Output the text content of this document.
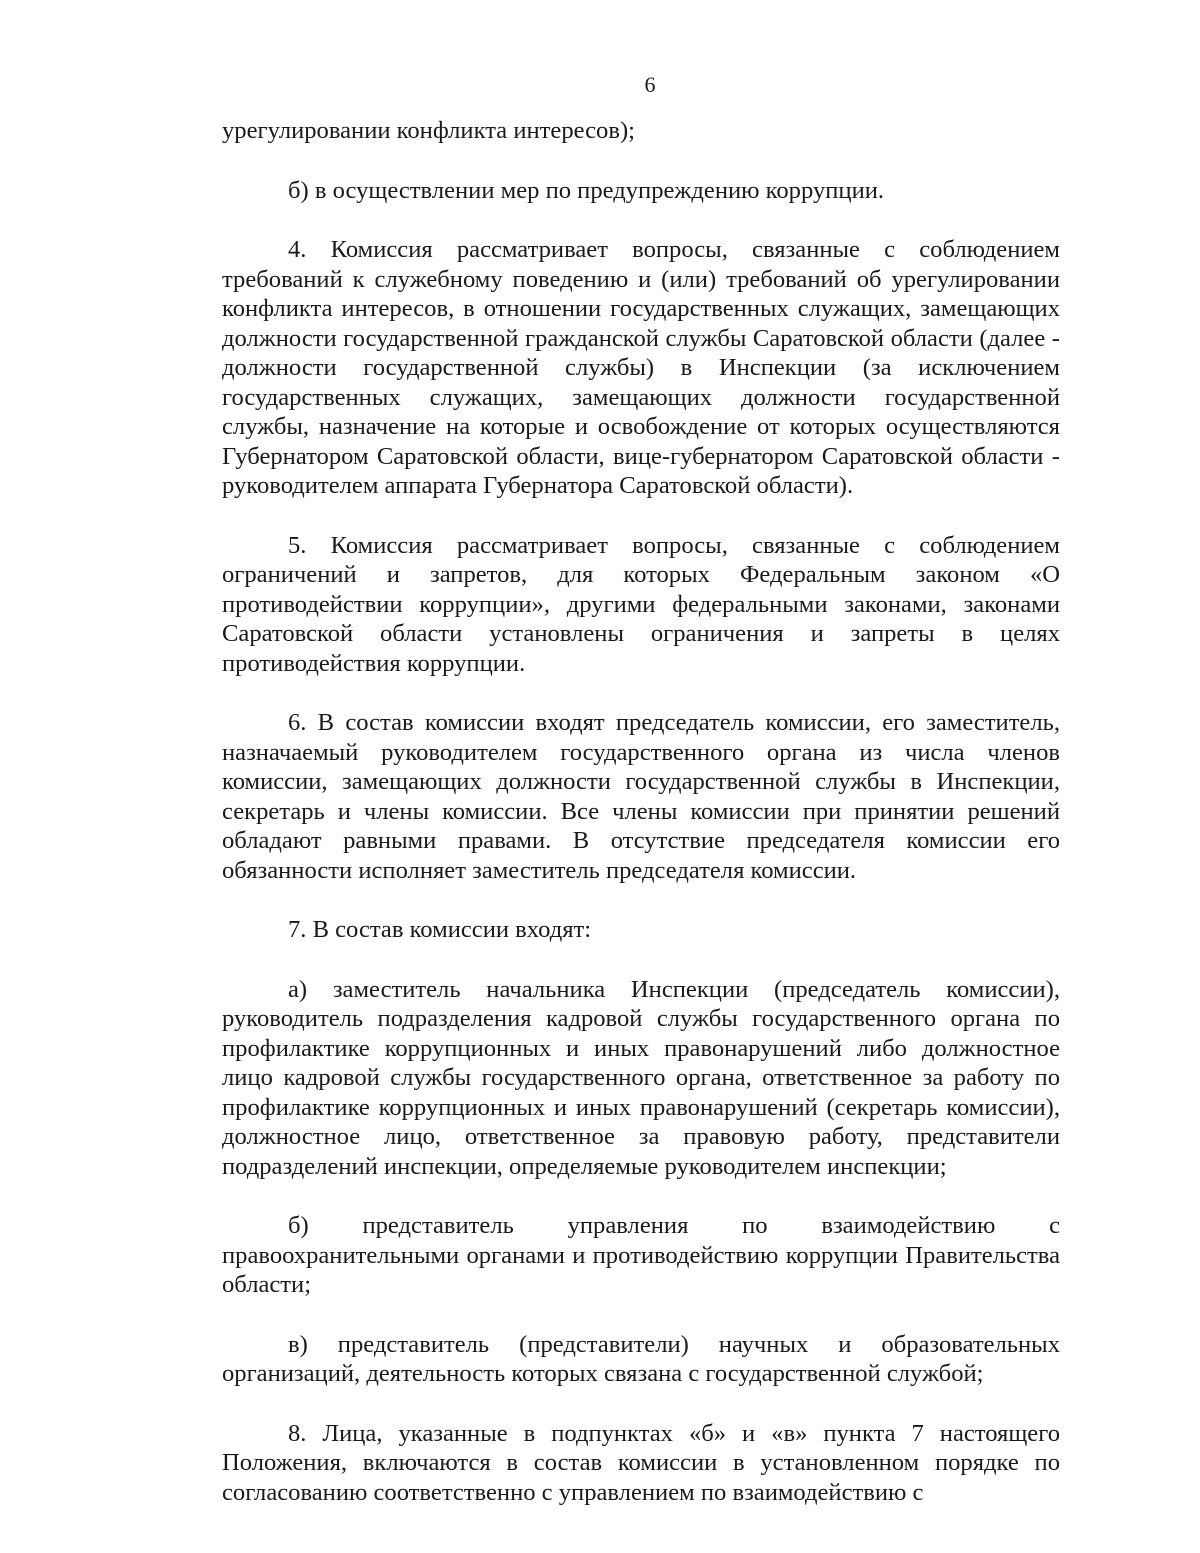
6

урегулировании конфликта интересов);

б) в осуществлении мер по предупреждению коррупции.

4. Комиссия рассматривает вопросы, связанные с соблюдением требований к служебному поведению и (или) требований об урегулировании конфликта интересов, в отношении государственных служащих, замещающих должности государственной гражданской службы Саратовской области (далее - должности государственной службы) в Инспекции (за исключением государственных служащих, замещающих должности государственной службы, назначение на которые и освобождение от которых осуществляются Губернатором Саратовской области, вице-губернатором Саратовской области - руководителем аппарата Губернатора Саратовской области).

5. Комиссия рассматривает вопросы, связанные с соблюдением ограничений и запретов, для которых Федеральным законом «О противодействии коррупции», другими федеральными законами, законами Саратовской области установлены ограничения и запреты в целях противодействия коррупции.

6. В состав комиссии входят председатель комиссии, его заместитель, назначаемый руководителем государственного органа из числа членов комиссии, замещающих должности государственной службы в Инспекции, секретарь и члены комиссии. Все члены комиссии при принятии решений обладают равными правами. В отсутствие председателя комиссии его обязанности исполняет заместитель председателя комиссии.

7. В состав комиссии входят:

а) заместитель начальника Инспекции (председатель комиссии), руководитель подразделения кадровой службы государственного органа по профилактике коррупционных и иных правонарушений либо должностное лицо кадровой службы государственного органа, ответственное за работу по профилактике коррупционных и иных правонарушений (секретарь комиссии), должностное лицо, ответственное за правовую работу, представители подразделений инспекции, определяемые руководителем инспекции;

б) представитель управления по взаимодействию с правоохранительными органами и противодействию коррупции Правительства области;

в) представитель (представители) научных и образовательных организаций, деятельность которых связана с государственной службой;

8. Лица, указанные в подпунктах «б» и «в» пункта 7 настоящего Положения, включаются в состав комиссии в установленном порядке по согласованию соответственно с управлением по взаимодействию с
